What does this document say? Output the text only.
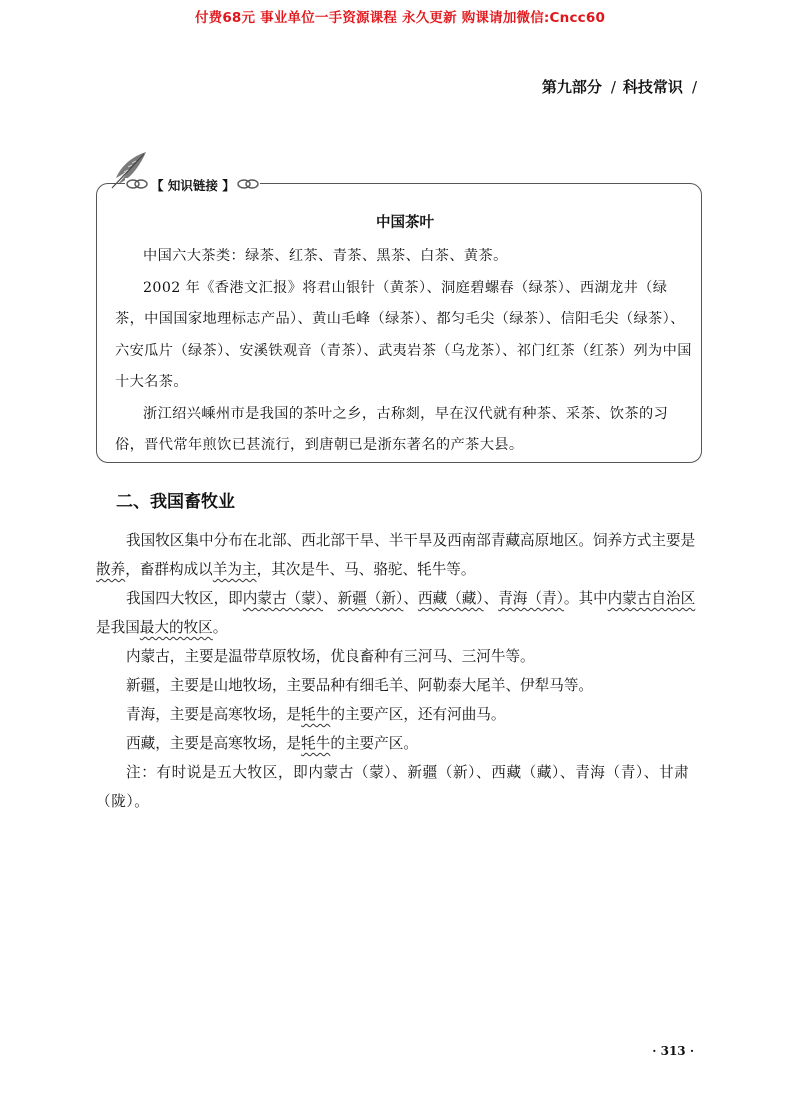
付费68元 事业单位一手资源课程 永久更新 购课请加微信:Cncc60
第九部分 / 科技常识 /
【 知识链接 】

中国茶叶

中国六大茶类：绿茶、红茶、青茶、黑茶、白茶、黄茶。

2002 年《香港文汇报》将君山银针（黄茶）、洞庭碧螺春（绿茶）、西湖龙井（绿茶，中国国家地理标志产品）、黄山毛峰（绿茶）、都匀毛尖（绿茶）、信阳毛尖（绿茶）、六安瓜片（绿茶）、安溪铁观音（青茶）、武夷岩茶（乌龙茶）、祁门红茶（红茶）列为中国十大名茶。

浙江绍兴嵊州市是我国的茶叶之乡，古称剡，早在汉代就有种茶、采茶、饮茶的习俗，晋代常年煎饮已甚流行，到唐朝已是浙东著名的产茶大县。

二、我国畜牧业

我国牧区集中分布在北部、西北部干旱、半干旱及西南部青藏高原地区。饲养方式主要是散养，畜群构成以羊为主，其次是牛、马、骆驼、牦牛等。

我国四大牧区，即内蒙古（蒙）、新疆（新）、西藏（藏）、青海（青）。其中内蒙古自治区是我国最大的牧区。

内蒙古，主要是温带草原牧场，优良畜种有三河马、三河牛等。

新疆，主要是山地牧场，主要品种有细毛羊、阿勒泰大尾羊、伊犁马等。

青海，主要是高寒牧场，是牦牛的主要产区，还有河曲马。

西藏，主要是高寒牧场，是牦牛的主要产区。

注：有时说是五大牧区，即内蒙古（蒙）、新疆（新）、西藏（藏）、青海（青）、甘肃（陇）。

· 313 ·
